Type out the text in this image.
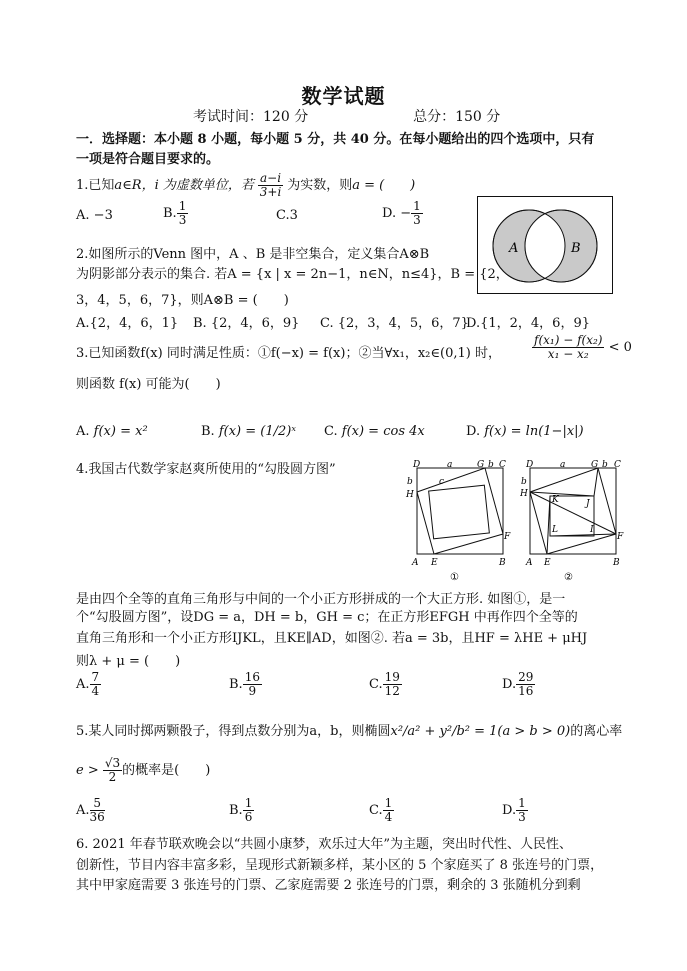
数学试题
考试时间：120 分	总分：150 分
一．选择题：本小题 8 小题，每小题 5 分，共 40 分。在每小题给出的四个选项中，只有
一项是符合题目要求的。
1.已知a∈R，i 为虚数单位，若 $\frac{a-i}{3+i}$ 为实数，则a = (　　)
A. −3	B. $\frac{1}{3}$	C.3	D. − $\frac{1}{3}$
A	B
2.如图所示的Venn 图中，A 、B 是非空集合，定义集合A⊗B
为阴影部分表示的集合. 若A = {x | x = 2n−1，n∈N，n≤4}，B = {2，
3，4，5，6，7}，则A⊗B = (　　)
A.{2，4，6，1} B. {2，4，6，9} C. {2，3，4，5，6，7}
D.{1，2，4，6，9}
3.已知函数f(x) 同时满足性质：①f(−x) = f(x)；②当∀x₁，x₂∈(0,1) 时，	$\frac{\text{f(x₁) − f(x₂)}}{\text{x₁ − x₂}} < 0$
则函数 f(x) 可能为(　　)
A. f(x) = x²	B. f(x) = (1/2)ˣ C. f(x) = cos 4x	D. f(x) = ln(1−|x|)
4.我国古代数学家赵爽所使用的“勾股圆方图”	D	a	G b C
b
H
c
F
A E	B
①
D	a	G b C
b
H
K	J
L	I
F
A E	B
②
是由四个全等的直角三角形与中间的一个小正方形拼成的一个大正方形. 如图①，是一
个“勾股圆方图”，设DG = a，DH = b，GH = c；在正方形EFGH 中再作四个全等的
直角三角形和一个小正方形IJKL，且KE∥AD，如图②. 若a = 3b，且HF = λHE + μHJ
则λ + μ = (　　)
A. $\frac{7}{4}$	B. $\frac{16}{9}$	C. $\frac{19}{12}$	D. $\frac{29}{16}$
5.某人同时掷两颗骰子，得到点数分别为a，b，则椭圆x²/a² + y²/b² = 1(a > b > 0)的离心率
$e > \frac{√3}{2}$ 的概率是(　　)
A. $\frac{5}{36}$	B. $\frac{1}{6}$	C. $\frac{1}{4}$	D. $\frac{1}{3}$
6. 2021 年春节联欢晚会以“共圆小康梦，欢乐过大年”为主题，突出时代性、人民性、
创新性，节目内容丰富多彩，呈现形式新颖多样，某小区的 5 个家庭买了 8 张连号的门票，
其中甲家庭需要 3 张连号的门票、乙家庭需要 2 张连号的门票，剩余的 3 张随机分到剩
